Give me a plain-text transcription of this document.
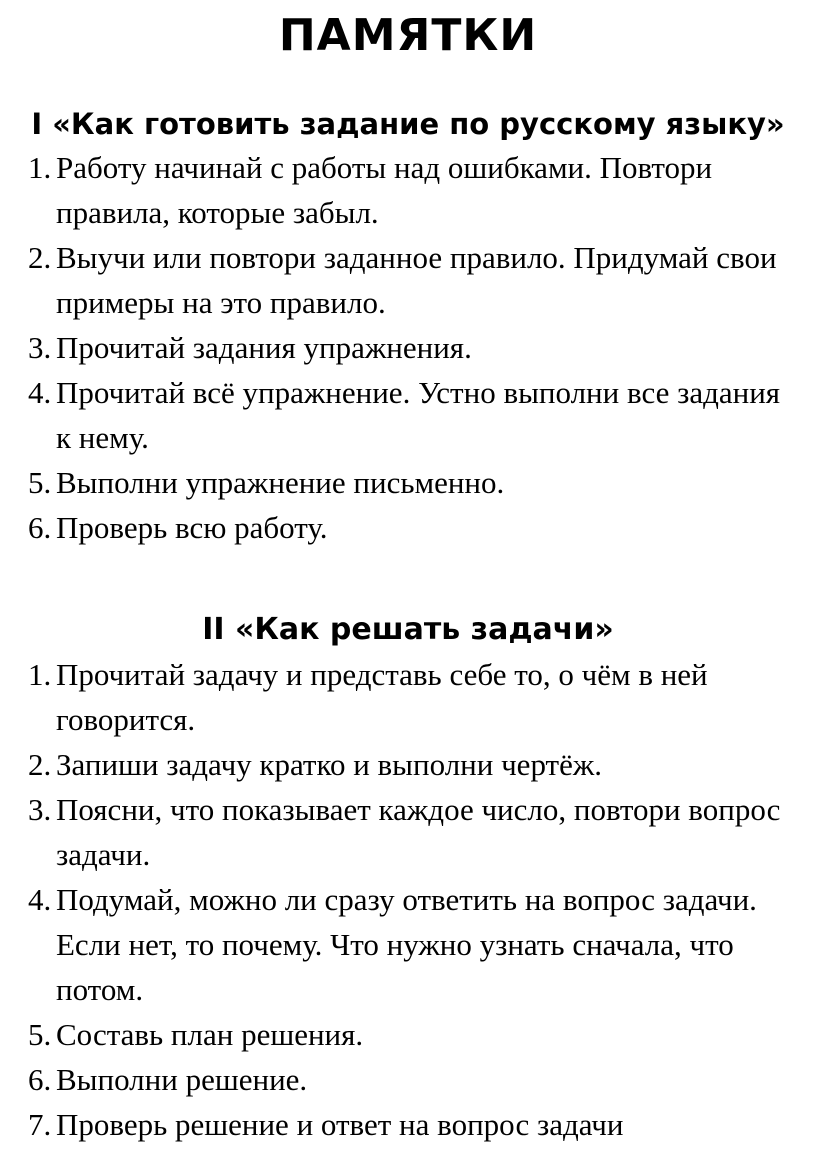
ПАМЯТКИ
I «Как готовить задание по русскому языку»
1. Работу начинай с работы над ошибками. Повтори правила, которые забыл.
2. Выучи или повтори заданное правило. Придумай свои примеры на это правило.
3. Прочитай задания упражнения.
4. Прочитай всё упражнение. Устно выполни все задания к нему.
5. Выполни упражнение письменно.
6. Проверь всю работу.
II «Как решать задачи»
1. Прочитай задачу и представь себе то, о чём в ней говорится.
2. Запиши задачу кратко и выполни чертёж.
3. Поясни, что показывает каждое число, повтори вопрос задачи.
4. Подумай, можно ли сразу ответить на вопрос задачи. Если нет, то почему. Что нужно узнать сначала, что потом.
5. Составь план решения.
6. Выполни решение.
7. Проверь решение и ответ на вопрос задачи
